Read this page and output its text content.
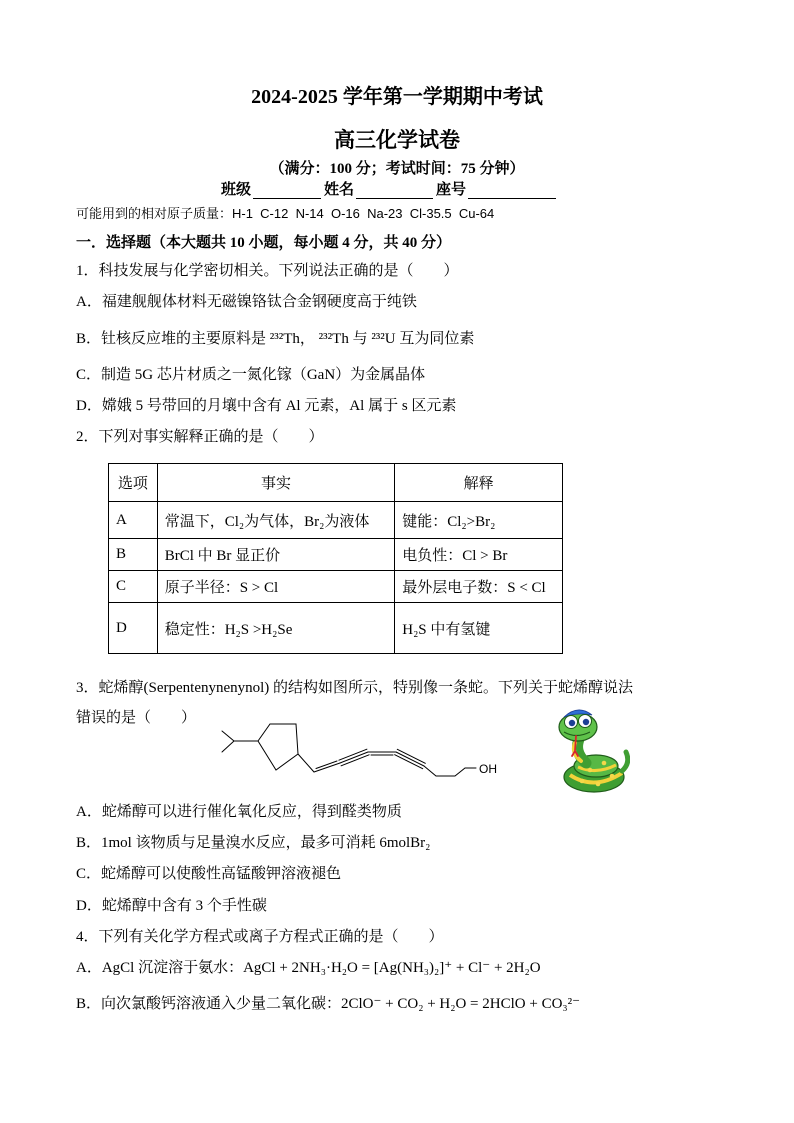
2024-2025 学年第一学期期中考试
高三化学试卷
（满分：100 分；考试时间：75 分钟）
班级	姓名	座号
可能用到的相对原子质量：H-1  C-12  N-14  O-16  Na-23  Cl-35.5  Cu-64
一．选择题（本大题共 10 小题，每小题 4 分，共 40 分）
1．科技发展与化学密切相关。下列说法正确的是（　　）
A．福建舰舰体材料无磁镍铬钛合金钢硬度高于纯铁
B．钍核反应堆的主要原料是 ²³²Th， ²³²Th 与 ²³²U 互为同位素
C．制造 5G 芯片材质之一氮化镓（GaN）为金属晶体
D．嫦娥 5 号带回的月壤中含有 Al 元素，Al 属于 s 区元素
2．下列对事实解释正确的是（　　）
选项	事实	解释
A	常温下，Cl₂为气体，Br₂为液体	键能：Cl₂>Br₂
B	BrCl 中 Br 显正价	电负性：Cl > Br
C	原子半径：S > Cl	最外层电子数：S < Cl
D	稳定性：H₂S >H₂Se	H₂S 中有氢键
3．蛇烯醇(Serpentenynenynol) 的结构如图所示，特别像一条蛇。下列关于蛇烯醇说法
错误的是（　　）
OH
A．蛇烯醇可以进行催化氧化反应，得到醛类物质
B．1mol 该物质与足量溴水反应，最多可消耗 6molBr₂
C．蛇烯醇可以使酸性高锰酸钾溶液褪色
D．蛇烯醇中含有 3 个手性碳
4．下列有关化学方程式或离子方程式正确的是（　　）
A．AgCl 沉淀溶于氨水：AgCl + 2NH₃·H₂O = [Ag(NH₃)₂]⁺ + Cl⁻ + 2H₂O
B．向次氯酸钙溶液通入少量二氧化碳：2ClO⁻ + CO₂ + H₂O = 2HClO + CO₃²⁻
